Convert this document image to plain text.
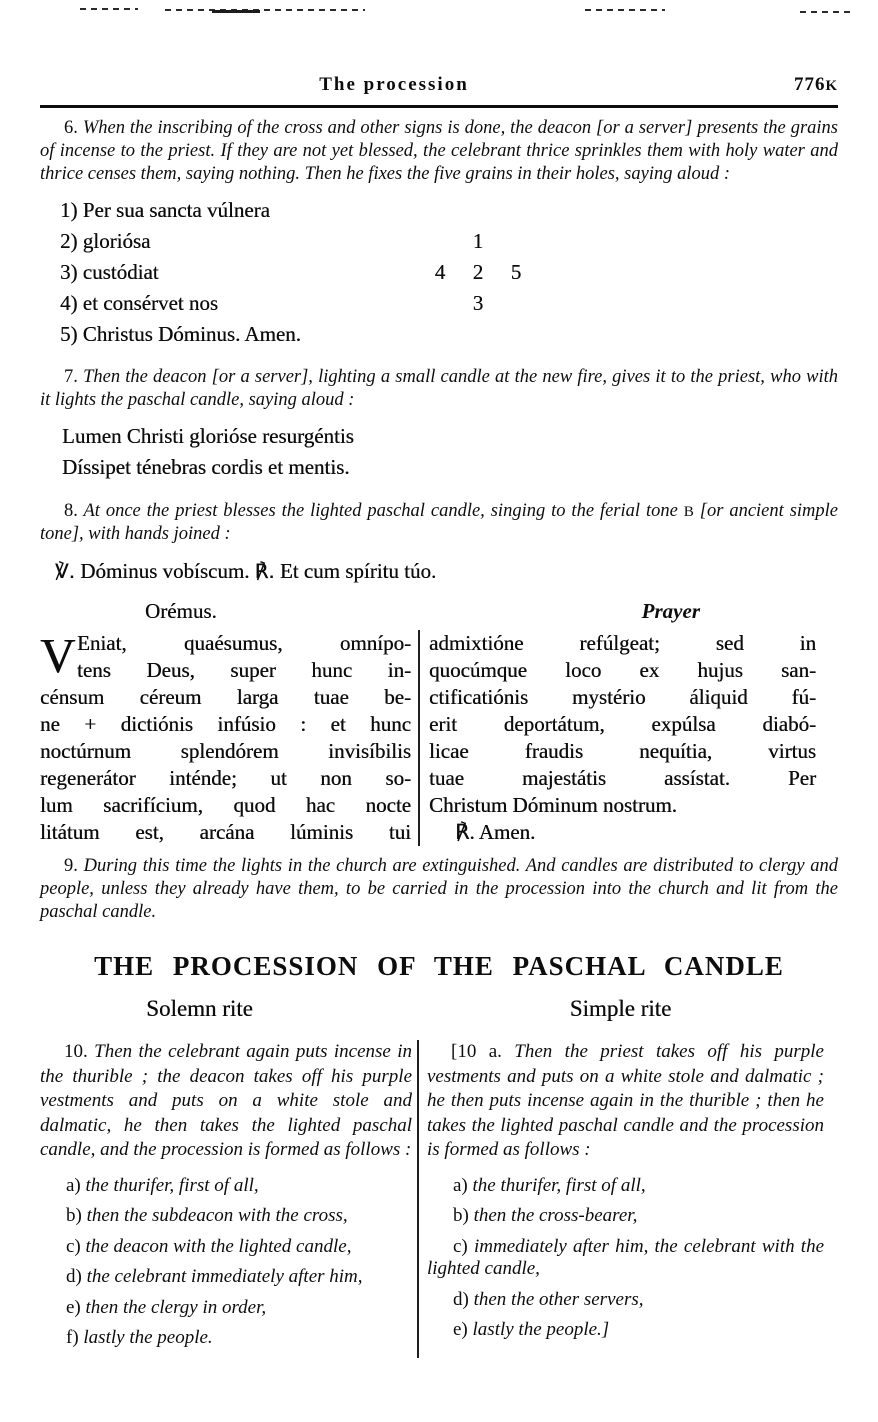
The procession	776K

6. When the inscribing of the cross and other signs is done, the deacon [or a server] presents the grains of incense to the priest. If they are not yet blessed, the celebrant thrice sprinkles them with holy water and thrice censes them, saying nothing. Then he fixes the five grains in their holes, saying aloud :

1) Per sua sancta vúlnera
2) gloriósa
3) custódiat
4) et consérvet nos
5) Christus Dóminus. Amen.
1
4	2	5
3

7. Then the deacon [or a server], lighting a small candle at the new fire, gives it to the priest, who with it lights the paschal candle, saying aloud :

Lumen Christi glorióse resurgéntis
Díssipet ténebras cordis et mentis.

8. At once the priest blesses the lighted paschal candle, singing to the ferial tone B [or ancient simple tone], with hands joined :

℣. Dóminus vobíscum. ℟. Et cum spíritu túo.
Orémus.	Prayer
V Eniat, quaésumus, omnípo-
tens Deus, super hunc in-
cénsum céreum larga tuae be-
ne + dictiónis infúsio : et hunc
noctúrnum splendórem invisíbilis
regenerátor inténde; ut non so-
lum sacrifícium, quod hac nocte
litátum est, arcána lúminis tui
admixtióne refúlgeat; sed in
quocúmque loco ex hujus san-
ctificatiónis mystério áliquid fú-
erit deportátum, expúlsa diabó-
licae fraudis nequítia, virtus
tuae majestátis assístat. Per
Christum Dóminum nostrum.
℟. Amen.

9. During this time the lights in the church are extinguished. And candles are distributed to clergy and people, unless they already have them, to be carried in the procession into the church and lit from the paschal candle.

THE PROCESSION OF THE PASCHAL CANDLE
Solemn rite	Simple rite

10. Then the celebrant again puts incense in the thurible ; the deacon takes off his purple vestments and puts on a white stole and dalmatic, he then takes the lighted paschal candle, and the procession is formed as follows :

a) the thurifer, first of all,

b) then the subdeacon with the cross,

c) the deacon with the lighted candle,

d) the celebrant immediately after him,

e) then the clergy in order,

f) lastly the people.

[10 a. Then the priest takes off his purple vestments and puts on a white stole and dalmatic ; he then puts incense again in the thurible ; then he takes the lighted paschal candle and the procession is formed as follows :

a) the thurifer, first of all,

b) then the cross-bearer,

c) immediately after him, the celebrant with the lighted candle,

d) then the other servers,

e) lastly the people.]
